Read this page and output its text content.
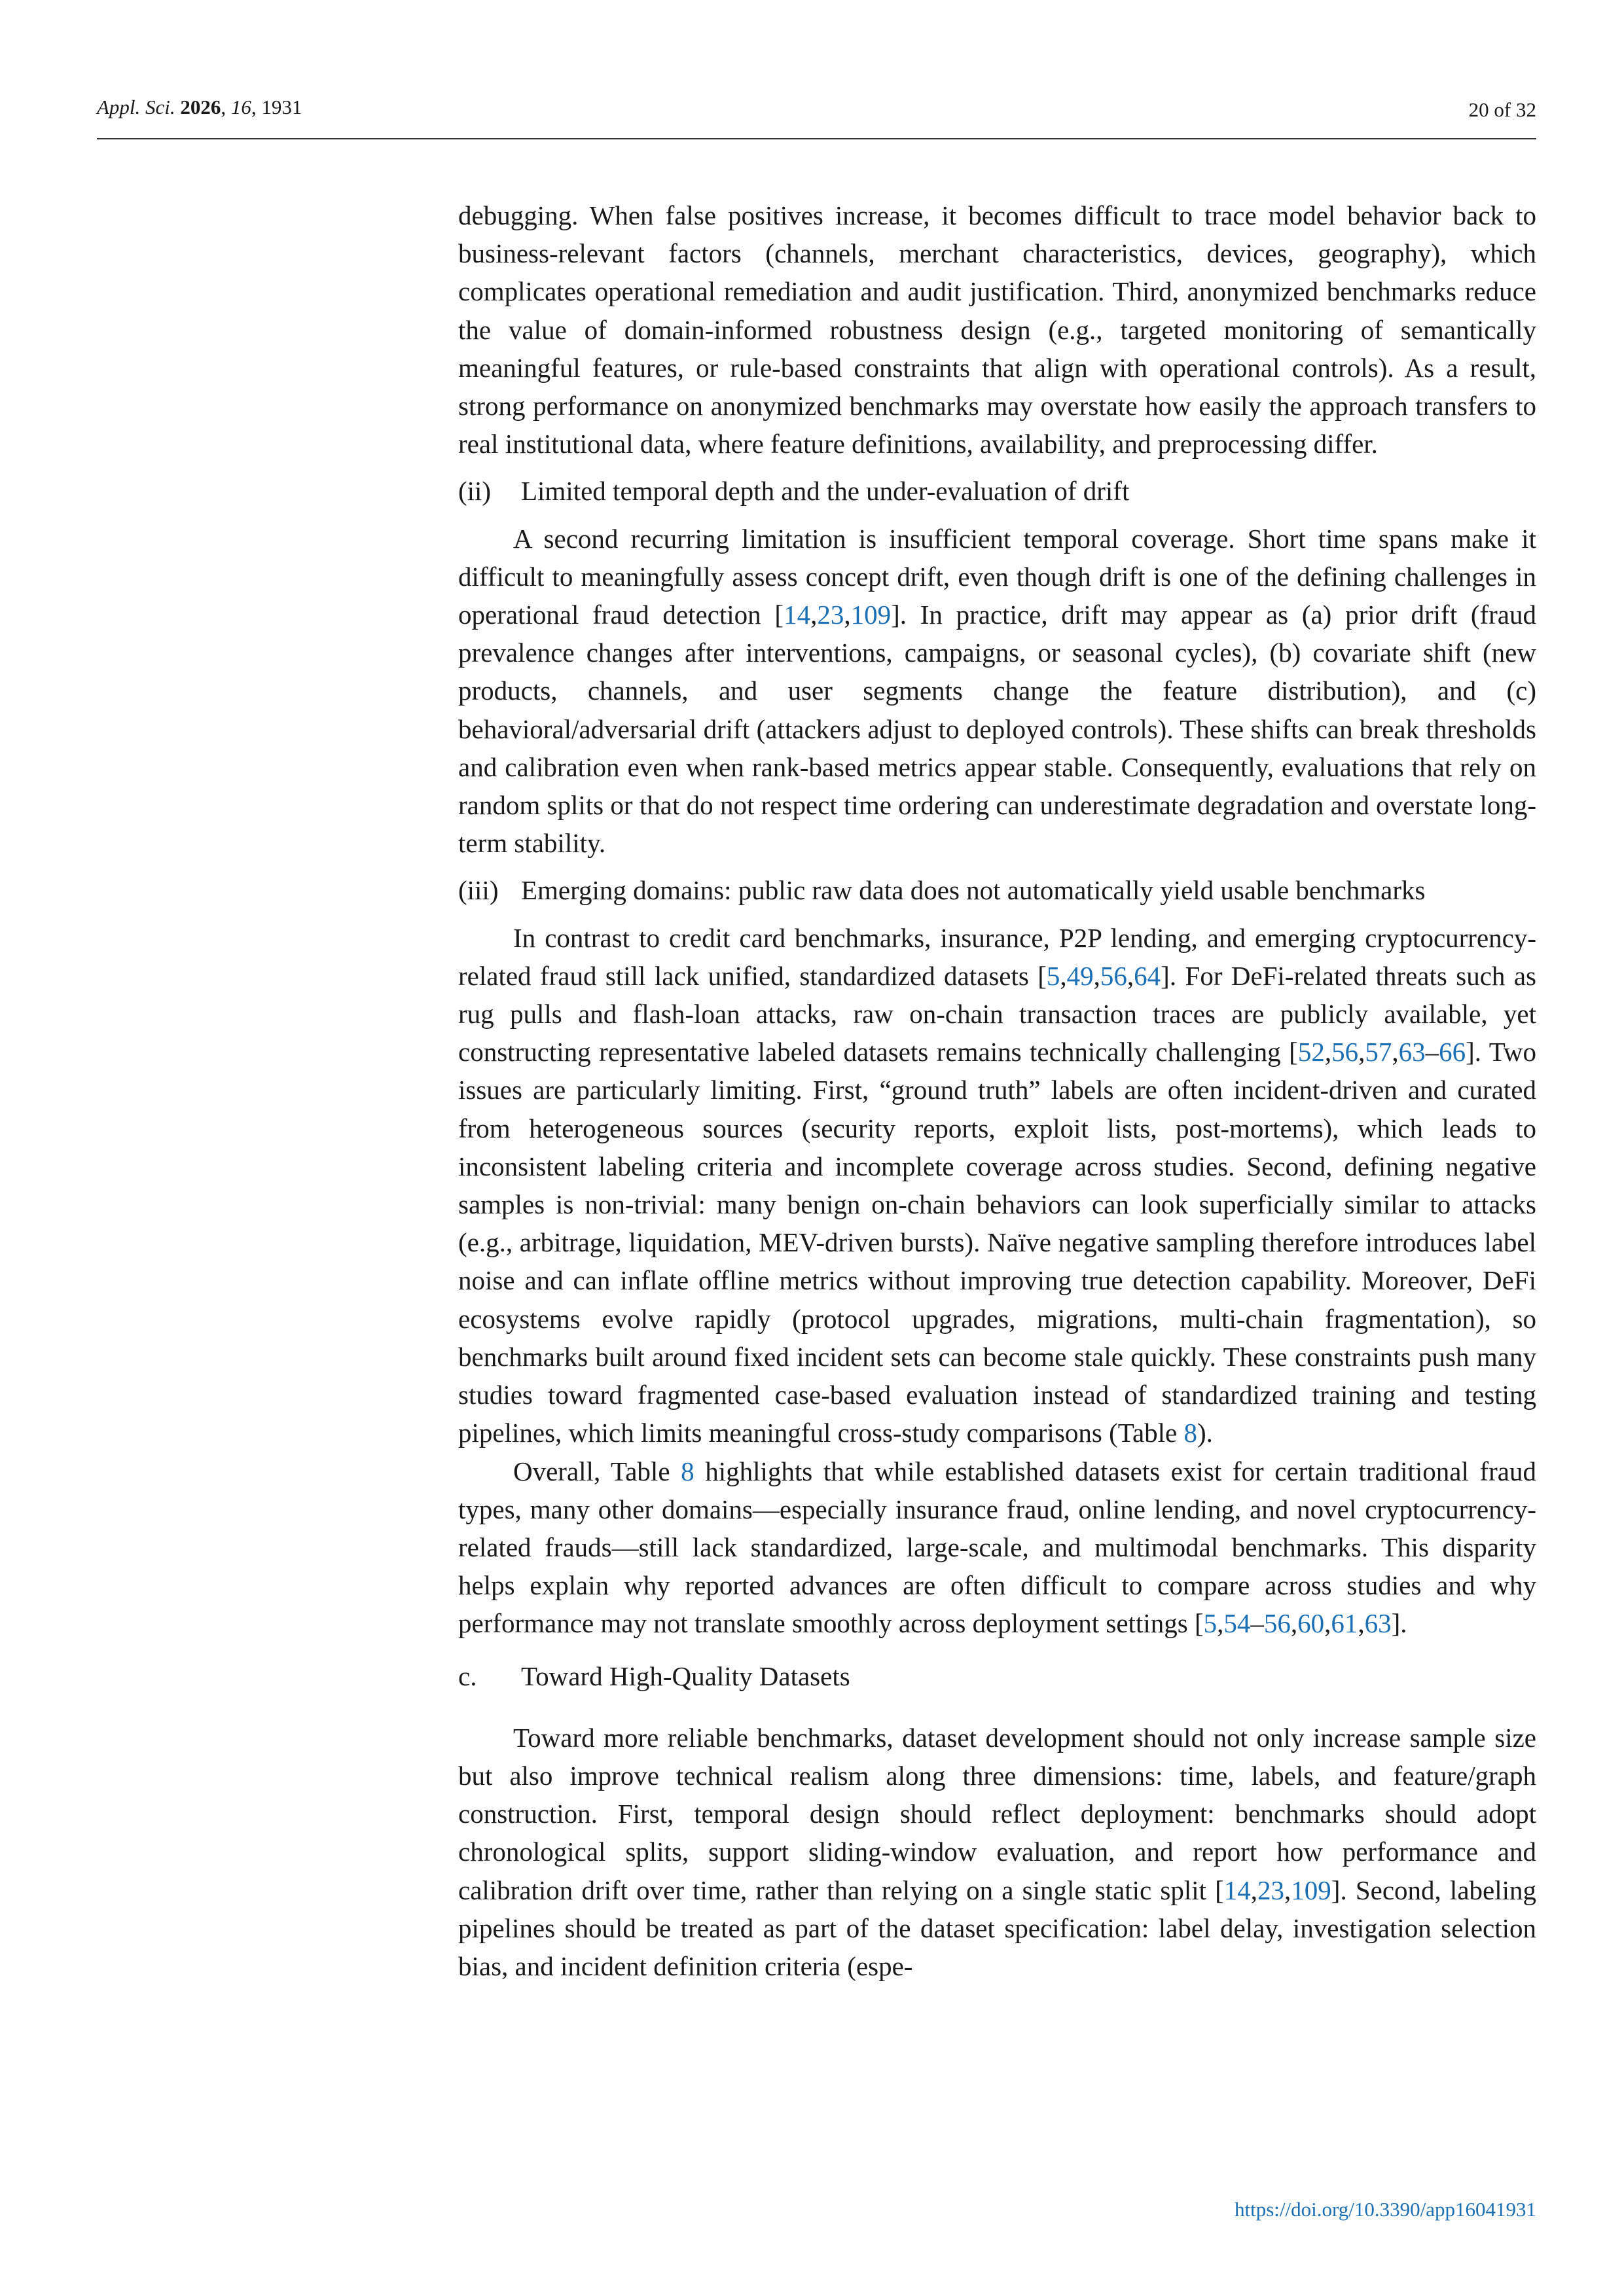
Appl. Sci. 2026, 16, 1931	20 of 32

debugging. When false positives increase, it becomes difficult to trace model behavior back to business-relevant factors (channels, merchant characteristics, devices, geography), which complicates operational remediation and audit justification. Third, anonymized benchmarks reduce the value of domain-informed robustness design (e.g., targeted monitoring of semantically meaningful features, or rule-based constraints that align with operational controls). As a result, strong performance on anonymized benchmarks may overstate how easily the approach transfers to real institutional data, where feature definitions, availability, and preprocessing differ.

(ii)	Limited temporal depth and the under-evaluation of drift

A second recurring limitation is insufficient temporal coverage. Short time spans make it difficult to meaningfully assess concept drift, even though drift is one of the defining challenges in operational fraud detection [14,23,109]. In practice, drift may appear as (a) prior drift (fraud prevalence changes after interventions, campaigns, or seasonal cycles), (b) covariate shift (new products, channels, and user segments change the feature distribution), and (c) behavioral/adversarial drift (attackers adjust to deployed controls). These shifts can break thresholds and calibration even when rank-based metrics appear stable. Consequently, evaluations that rely on random splits or that do not respect time ordering can underestimate degradation and overstate long-term stability.

(iii) Emerging domains: public raw data does not automatically yield usable benchmarks

In contrast to credit card benchmarks, insurance, P2P lending, and emerging cryptocurrency-related fraud still lack unified, standardized datasets [5,49,56,64]. For DeFi-related threats such as rug pulls and flash-loan attacks, raw on-chain transaction traces are publicly available, yet constructing representative labeled datasets remains technically challenging [52,56,57,63–66]. Two issues are particularly limiting. First, “ground truth” labels are often incident-driven and curated from heterogeneous sources (security reports, exploit lists, post-mortems), which leads to inconsistent labeling criteria and incomplete coverage across studies. Second, defining negative samples is non-trivial: many benign on-chain behaviors can look superficially similar to attacks (e.g., arbitrage, liquidation, MEV-driven bursts). Naïve negative sampling therefore introduces label noise and can inflate offline metrics without improving true detection capability. Moreover, DeFi ecosystems evolve rapidly (protocol upgrades, migrations, multi-chain fragmentation), so benchmarks built around fixed incident sets can become stale quickly. These constraints push many studies toward fragmented case-based evaluation instead of standardized training and testing pipelines, which limits meaningful cross-study comparisons (Table 8).

Overall, Table 8 highlights that while established datasets exist for certain traditional fraud types, many other domains—especially insurance fraud, online lending, and novel cryptocurrency-related frauds—still lack standardized, large-scale, and multimodal benchmarks. This disparity helps explain why reported advances are often difficult to compare across studies and why performance may not translate smoothly across deployment settings [5,54–56,60,61,63].

c.	Toward High-Quality Datasets

Toward more reliable benchmarks, dataset development should not only increase sample size but also improve technical realism along three dimensions: time, labels, and feature/graph construction. First, temporal design should reflect deployment: benchmarks should adopt chronological splits, support sliding-window evaluation, and report how performance and calibration drift over time, rather than relying on a single static split [14,23,109]. Second, labeling pipelines should be treated as part of the dataset specification: label delay, investigation selection bias, and incident definition criteria (espe-

https://doi.org/10.3390/app16041931
